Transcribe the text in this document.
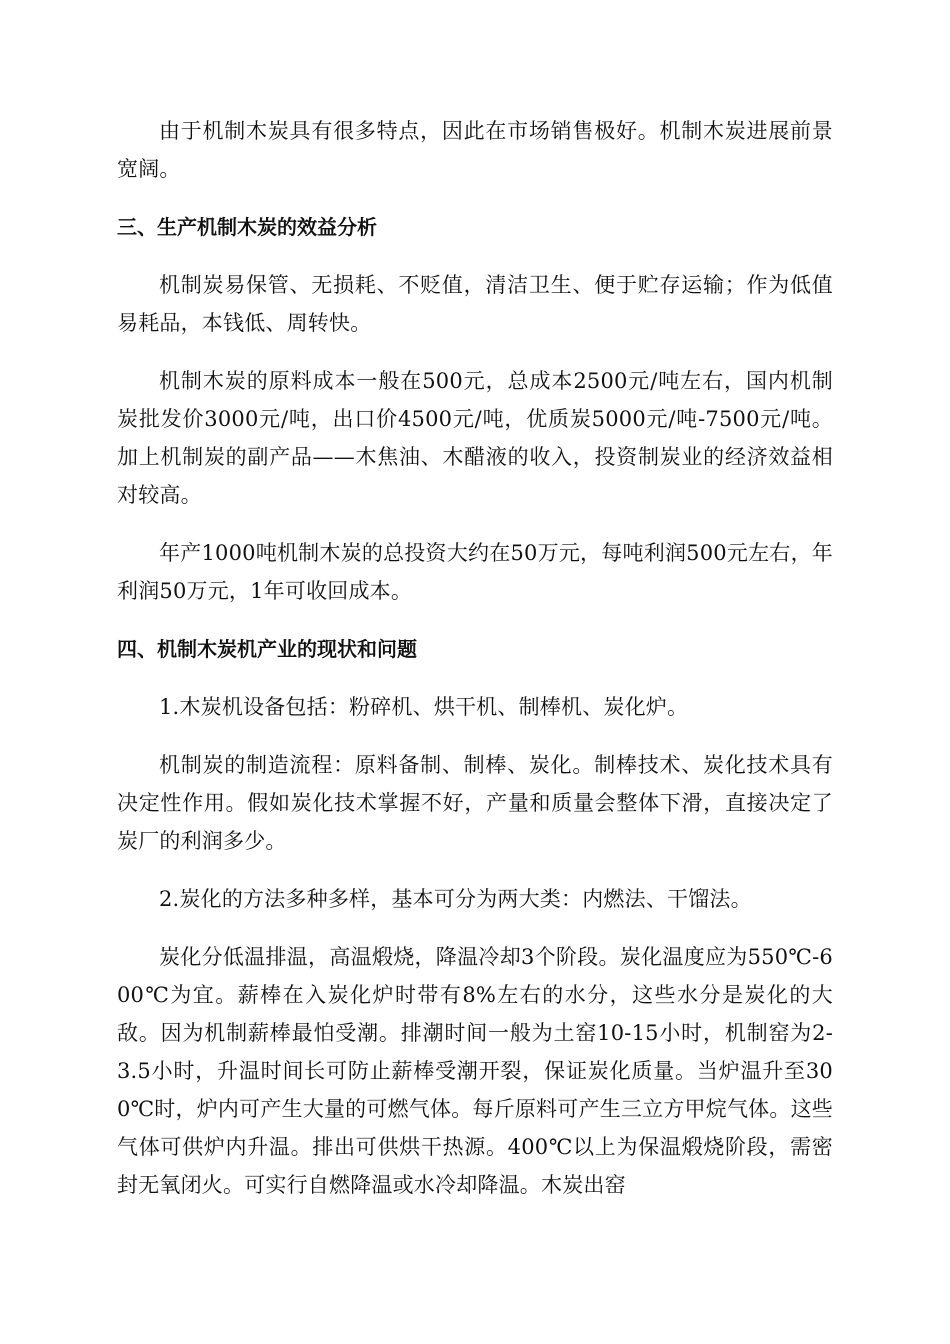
由于机制木炭具有很多特点，因此在市场销售极好。机制木炭进展前景宽阔。

三、生产机制木炭的效益分析

机制炭易保管、无损耗、不贬值，清洁卫生、便于贮存运输；作为低值易耗品，本钱低、周转快。

机制木炭的原料成本一般在500元，总成本2500元/吨左右，国内机制炭批发价3000元/吨，出口价4500元/吨，优质炭5000元/吨-7500元/吨。加上机制炭的副产品——木焦油、木醋液的收入，投资制炭业的经济效益相对较高。

年产1000吨机制木炭的总投资大约在50万元，每吨利润500元左右，年利润50万元，1年可收回成本。

四、机制木炭机产业的现状和问题

1.木炭机设备包括：粉碎机、烘干机、制棒机、炭化炉。

机制炭的制造流程：原料备制、制棒、炭化。制棒技术、炭化技术具有决定性作用。假如炭化技术掌握不好，产量和质量会整体下滑，直接决定了炭厂的利润多少。

2.炭化的方法多种多样，基本可分为两大类：内燃法、干馏法。

炭化分低温排温，高温煅烧，降温冷却3个阶段。炭化温度应为550℃-600℃为宜。薪棒在入炭化炉时带有8%左右的水分，这些水分是炭化的大敌。因为机制薪棒最怕受潮。排潮时间一般为土窑10-15小时，机制窑为2-3.5小时，升温时间长可防止薪棒受潮开裂，保证炭化质量。当炉温升至300℃时，炉内可产生大量的可燃气体。每斤原料可产生三立方甲烷气体。这些气体可供炉内升温。排出可供烘干热源。400℃以上为保温煅烧阶段，需密封无氧闭火。可实行自燃降温或水冷却降温。木炭出窑
